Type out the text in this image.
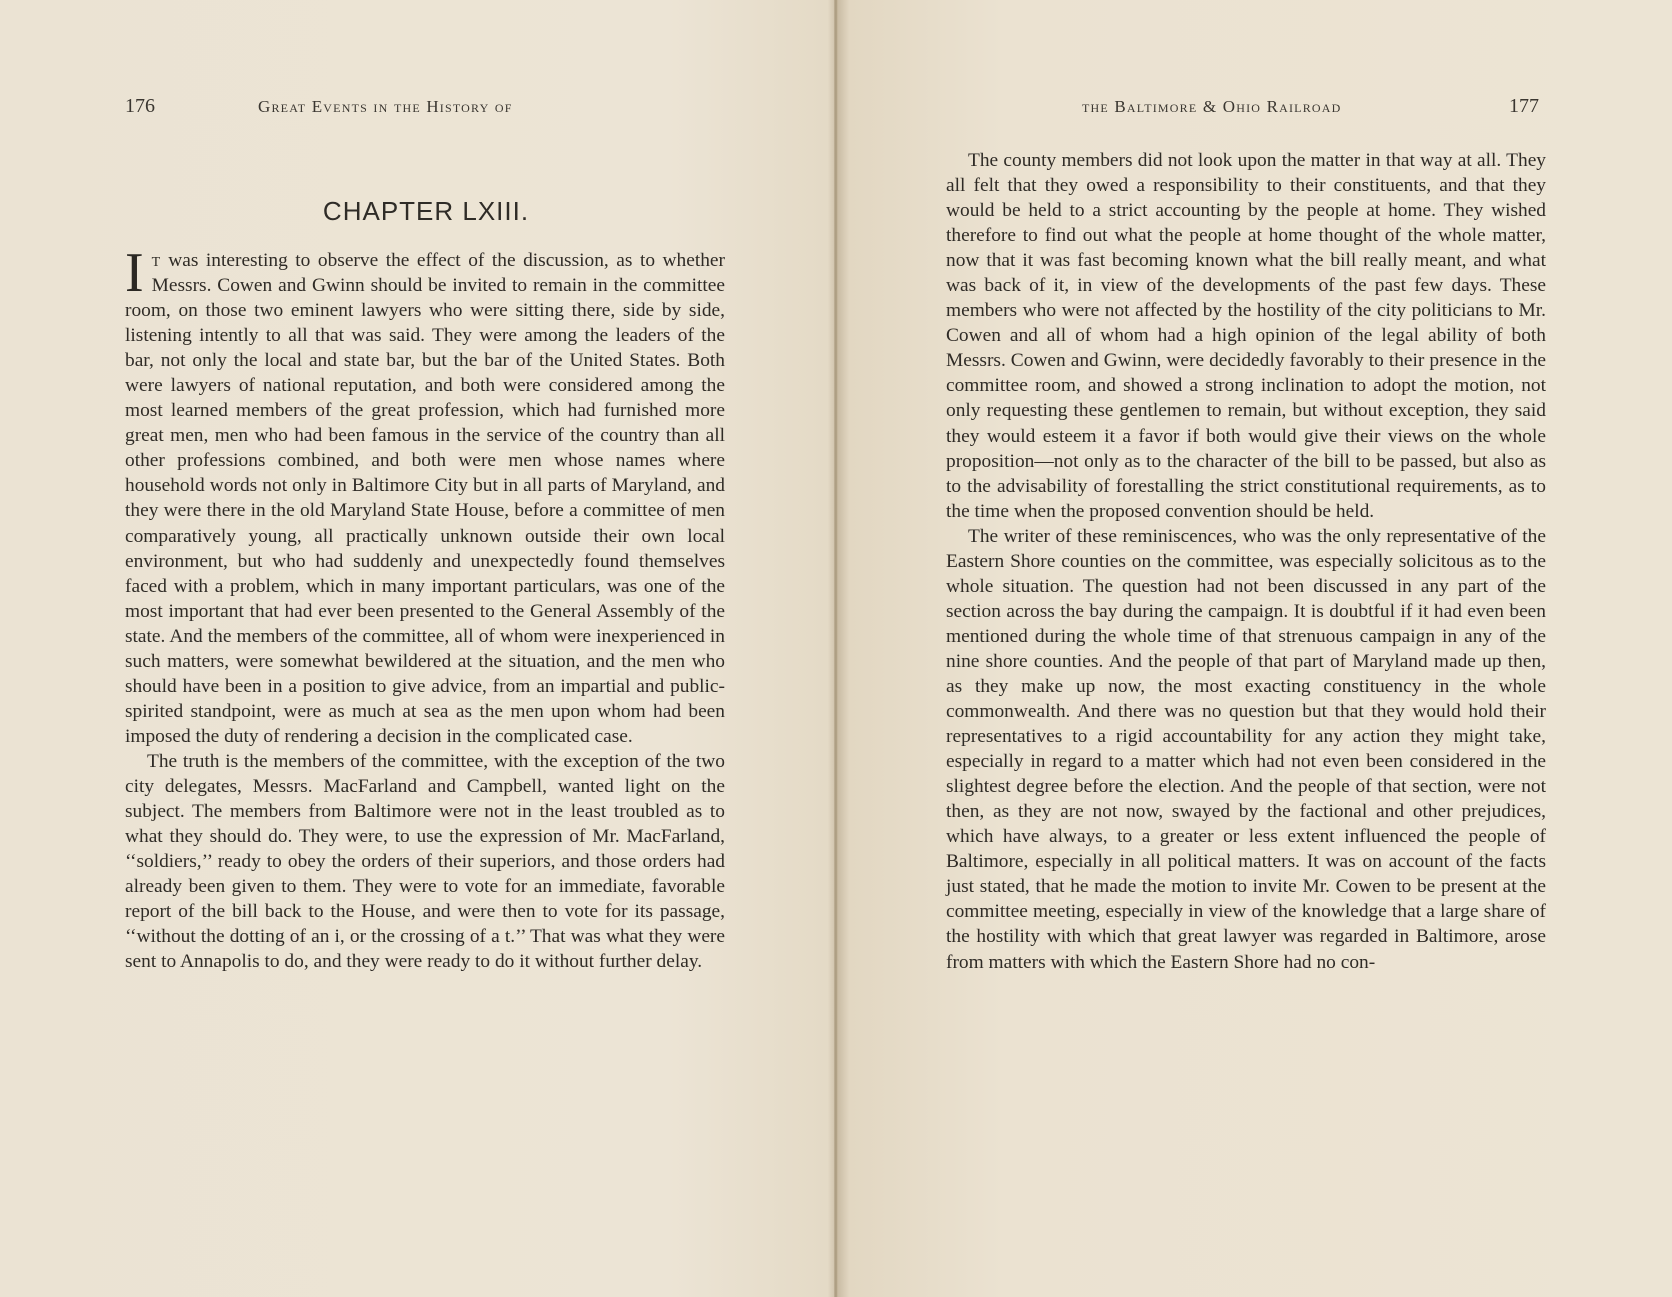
176	Great Events in the History of
CHAPTER LXIII.

It was interesting to observe the effect of the discussion, as to whether Messrs. Cowen and Gwinn should be invited to remain in the committee room, on those two eminent lawyers who were sitting there, side by side, listening intently to all that was said. They were among the leaders of the bar, not only the local and state bar, but the bar of the United States. Both were lawyers of national reputation, and both were considered among the most learned members of the great profession, which had furnished more great men, men who had been famous in the service of the country than all other professions combined, and both were men whose names where household words not only in Baltimore City but in all parts of Maryland, and they were there in the old Maryland State House, before a committee of men comparatively young, all practically unknown outside their own local environment, but who had suddenly and unexpectedly found themselves faced with a problem, which in many important particulars, was one of the most important that had ever been presented to the General Assembly of the state. And the members of the committee, all of whom were inexperienced in such matters, were somewhat bewildered at the situation, and the men who should have been in a position to give advice, from an impartial and public-spirited standpoint, were as much at sea as the men upon whom had been imposed the duty of rendering a decision in the complicated case.

The truth is the members of the committee, with the exception of the two city delegates, Messrs. MacFarland and Campbell, wanted light on the subject. The members from Baltimore were not in the least troubled as to what they should do. They were, to use the expression of Mr. MacFarland, ‘‘soldiers,’’ ready to obey the orders of their superiors, and those orders had already been given to them. They were to vote for an immediate, favorable report of the bill back to the House, and were then to vote for its passage, ‘‘without the dotting of an i, or the crossing of a t.’’ That was what they were sent to Annapolis to do, and they were ready to do it without further delay.

the Baltimore & Ohio Railroad	177

The county members did not look upon the matter in that way at all. They all felt that they owed a responsibility to their constituents, and that they would be held to a strict accounting by the people at home. They wished therefore to find out what the people at home thought of the whole matter, now that it was fast becoming known what the bill really meant, and what was back of it, in view of the developments of the past few days. These members who were not affected by the hostility of the city politicians to Mr. Cowen and all of whom had a high opinion of the legal ability of both Messrs. Cowen and Gwinn, were decidedly favorably to their presence in the committee room, and showed a strong inclination to adopt the motion, not only requesting these gentlemen to remain, but without exception, they said they would esteem it a favor if both would give their views on the whole proposition—not only as to the character of the bill to be passed, but also as to the advisability of forestalling the strict constitutional requirements, as to the time when the proposed convention should be held.

The writer of these reminiscences, who was the only representative of the Eastern Shore counties on the committee, was especially solicitous as to the whole situation. The question had not been discussed in any part of the section across the bay during the campaign. It is doubtful if it had even been mentioned during the whole time of that strenuous campaign in any of the nine shore counties. And the people of that part of Maryland made up then, as they make up now, the most exacting constituency in the whole commonwealth. And there was no question but that they would hold their representatives to a rigid accountability for any action they might take, especially in regard to a matter which had not even been considered in the slightest degree before the election. And the people of that section, were not then, as they are not now, swayed by the factional and other prejudices, which have always, to a greater or less extent influenced the people of Baltimore, especially in all political matters. It was on account of the facts just stated, that he made the motion to invite Mr. Cowen to be present at the committee meeting, especially in view of the knowledge that a large share of the hostility with which that great lawyer was regarded in Baltimore, arose from matters with which the Eastern Shore had no con-
